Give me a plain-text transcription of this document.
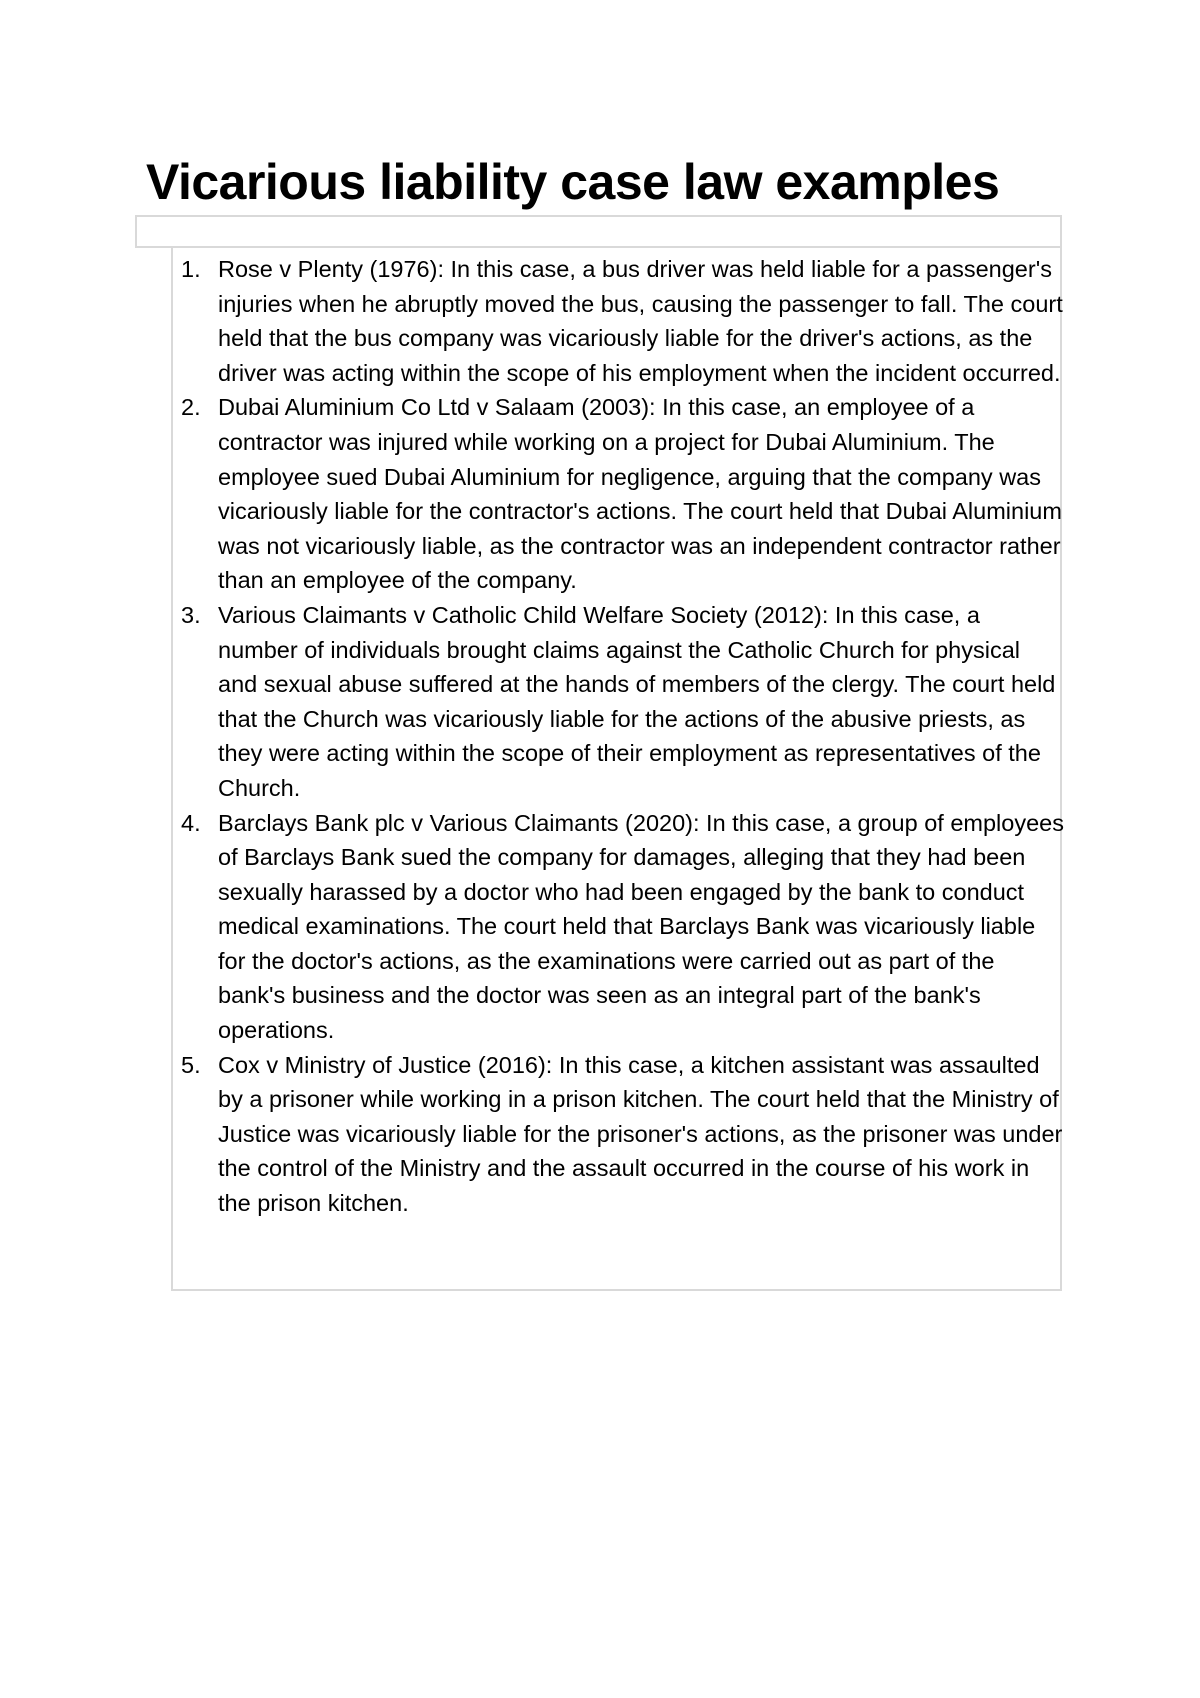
Vicarious liability case law examples
1. Rose v Plenty (1976): In this case, a bus driver was held liable for a passenger's injuries when he abruptly moved the bus, causing the passenger to fall. The court held that the bus company was vicariously liable for the driver's actions, as the driver was acting within the scope of his employment when the incident occurred.
2. Dubai Aluminium Co Ltd v Salaam (2003): In this case, an employee of a contractor was injured while working on a project for Dubai Aluminium. The employee sued Dubai Aluminium for negligence, arguing that the company was vicariously liable for the contractor's actions. The court held that Dubai Aluminium was not vicariously liable, as the contractor was an independent contractor rather than an employee of the company.
3. Various Claimants v Catholic Child Welfare Society (2012): In this case, a number of individuals brought claims against the Catholic Church for physical and sexual abuse suffered at the hands of members of the clergy. The court held that the Church was vicariously liable for the actions of the abusive priests, as they were acting within the scope of their employment as representatives of the Church.
4. Barclays Bank plc v Various Claimants (2020): In this case, a group of employees of Barclays Bank sued the company for damages, alleging that they had been sexually harassed by a doctor who had been engaged by the bank to conduct medical examinations. The court held that Barclays Bank was vicariously liable for the doctor's actions, as the examinations were carried out as part of the bank's business and the doctor was seen as an integral part of the bank's operations.
5. Cox v Ministry of Justice (2016): In this case, a kitchen assistant was assaulted by a prisoner while working in a prison kitchen. The court held that the Ministry of Justice was vicariously liable for the prisoner's actions, as the prisoner was under the control of the Ministry and the assault occurred in the course of his work in the prison kitchen.
